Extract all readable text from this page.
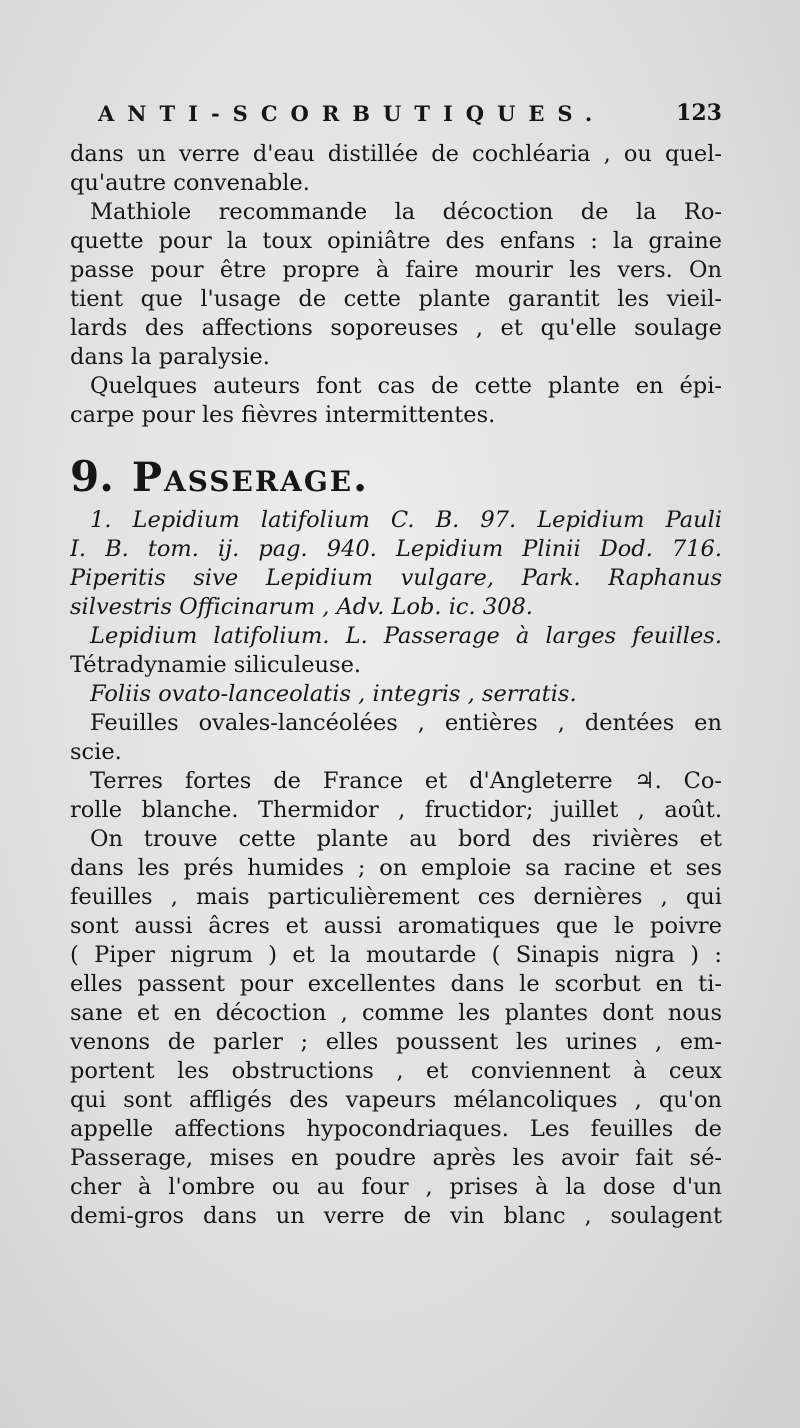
ANTI-SCORBUTIQUES.	123
dans un verre d'eau distillée de cochléaria , ou quel-
qu'autre convenable.
Mathiole recommande la décoction de la Ro-
quette pour la toux opiniâtre des enfans : la graine
passe pour être propre à faire mourir les vers. On
tient que l'usage de cette plante garantit les vieil-
lards des affections soporeuses , et qu'elle soulage
dans la paralysie.
Quelques auteurs font cas de cette plante en épi-
carpe pour les fièvres intermittentes.
9. Passerage.
1. Lepidium latifolium C. B. 97. Lepidium Pauli
I. B. tom. ij. pag. 940. Lepidium Plinii Dod. 716.
Piperitis sive Lepidium vulgare, Park. Raphanus
silvestris Officinarum , Adv. Lob. ic. 308.
Lepidium latifolium. L. Passerage à larges feuilles.
Tétradynamie siliculeuse.
Foliis ovato-lanceolatis , integris , serratis.
Feuilles ovales-lancéolées , entières , dentées en
scie.
Terres fortes de France et d'Angleterre ♃. Co-
rolle blanche. Thermidor , fructidor; juillet , août.
On trouve cette plante au bord des rivières et
dans les prés humides ; on emploie sa racine et ses
feuilles , mais particulièrement ces dernières , qui
sont aussi âcres et aussi aromatiques que le poivre
( Piper nigrum ) et la moutarde ( Sinapis nigra ) :
elles passent pour excellentes dans le scorbut en ti-
sane et en décoction , comme les plantes dont nous
venons de parler ; elles poussent les urines , em-
portent les obstructions , et conviennent à ceux
qui sont affligés des vapeurs mélancoliques , qu'on
appelle affections hypocondriaques. Les feuilles de
Passerage, mises en poudre après les avoir fait sé-
cher à l'ombre ou au four , prises à la dose d'un
demi-gros dans un verre de vin blanc , soulagent
